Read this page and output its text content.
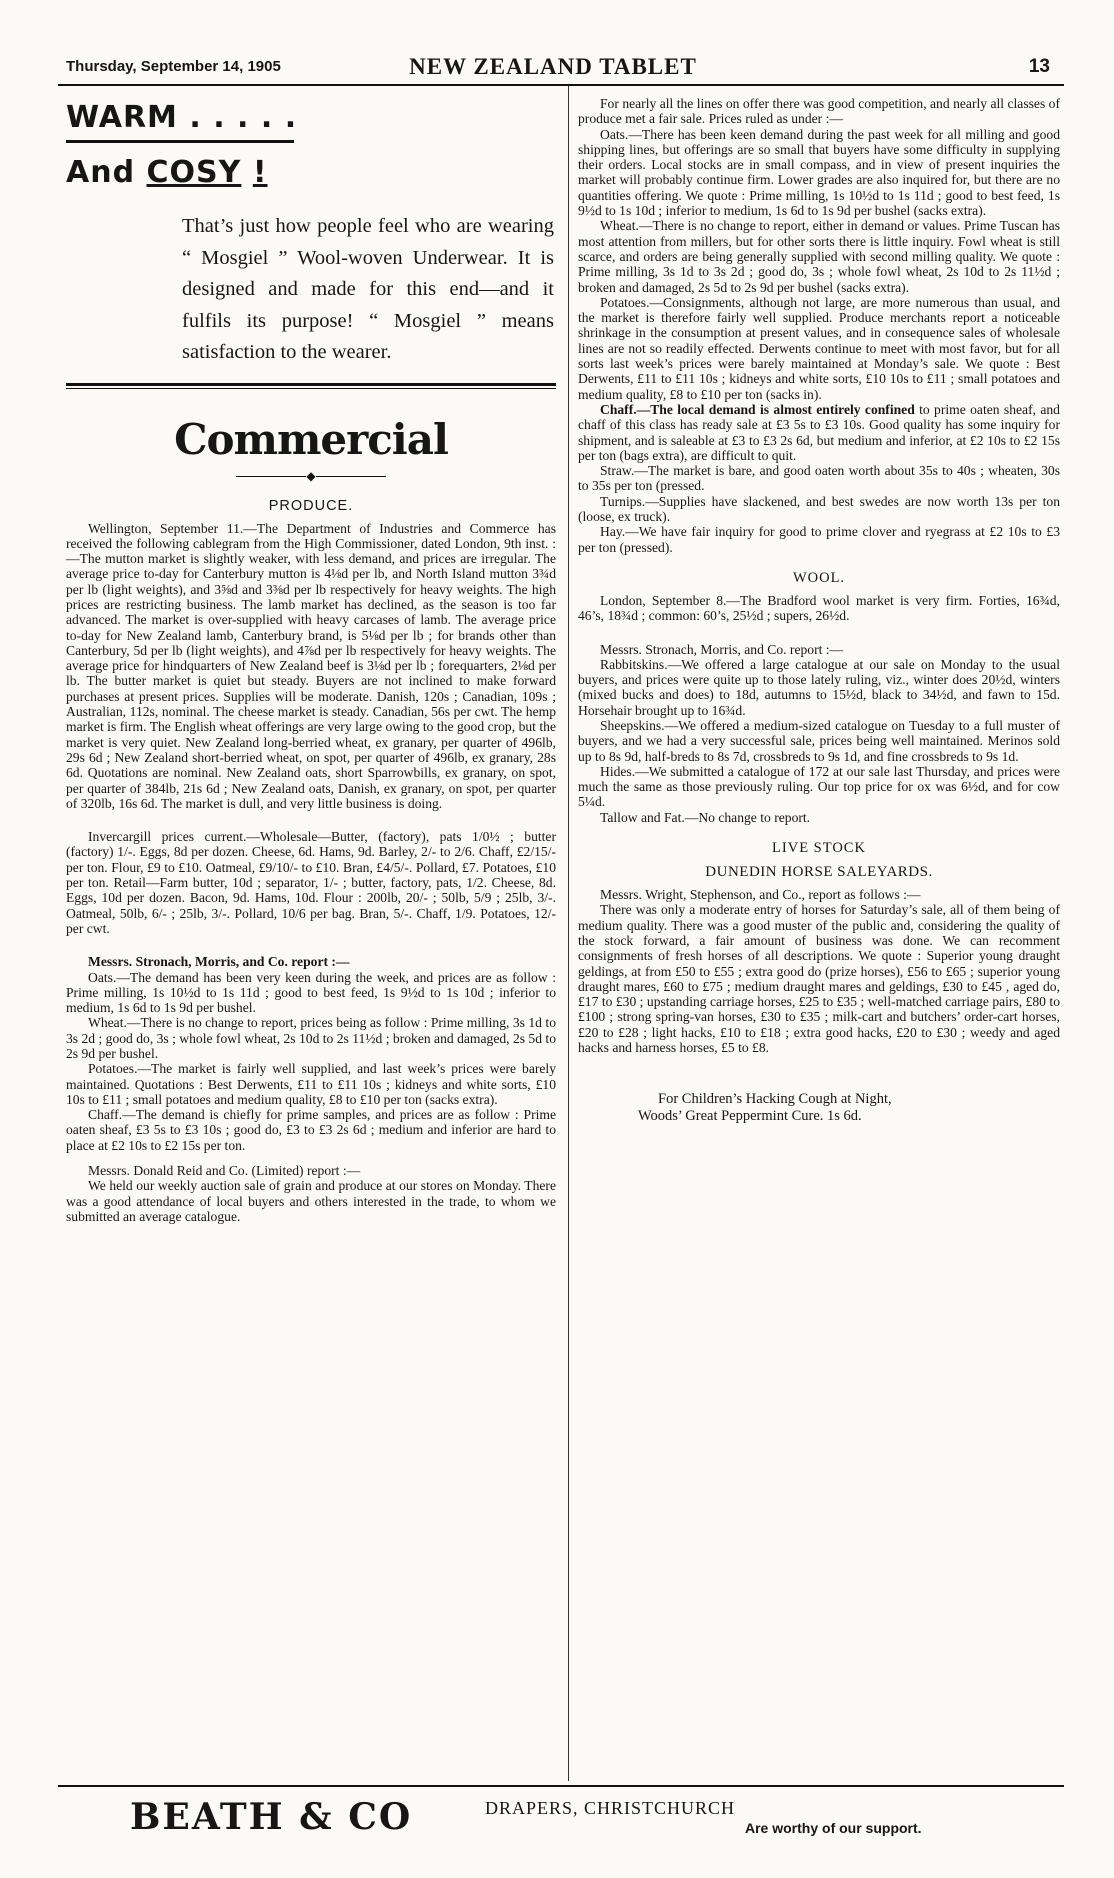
Thursday, September 14, 1905	NEW ZEALAND TABLET	13
WARM . . . . .
And COSY !
That’s just how people feel who are wearing “ Mosgiel ” Wool-woven Underwear. It is designed and made for this end—and it fulfils its purpose! “ Mosgiel ” means satisfaction to the wearer.
Commercial
◆
PRODUCE.

Wellington, September 11.—The Department of Industries and Commerce has received the following cablegram from the High Commissioner, dated London, 9th inst. :—The mutton market is slightly weaker, with less demand, and prices are irregular. The average price to-day for Canterbury mutton is 4⅛d per lb, and North Island mutton 3¾d per lb (light weights), and 3⅝d and 3⅜d per lb respectively for heavy weights. The high prices are restricting business. The lamb market has declined, as the season is too far advanced. The market is over-supplied with heavy carcases of lamb. The average price to-day for New Zealand lamb, Canterbury brand, is 5⅛d per lb ; for brands other than Canterbury, 5d per lb (light weights), and 4⅞d per lb respectively for heavy weights. The average price for hindquarters of New Zealand beef is 3⅛d per lb ; forequarters, 2⅛d per lb. The butter market is quiet but steady. Buyers are not inclined to make forward purchases at present prices. Supplies will be moderate. Danish, 120s ; Canadian, 109s ; Australian, 112s, nominal. The cheese market is steady. Canadian, 56s per cwt. The hemp market is firm. The English wheat offerings are very large owing to the good crop, but the market is very quiet. New Zealand long-berried wheat, ex granary, per quarter of 496lb, 29s 6d ; New Zealand short-berried wheat, on spot, per quarter of 496lb, ex granary, 28s 6d. Quotations are nominal. New Zealand oats, short Sparrowbills, ex granary, on spot, per quarter of 384lb, 21s 6d ; New Zealand oats, Danish, ex granary, on spot, per quarter of 320lb, 16s 6d. The market is dull, and very little business is doing.

Invercargill prices current.—Wholesale—Butter, (factory), pats 1/0½ ; butter (factory) 1/-. Eggs, 8d per dozen. Cheese, 6d. Hams, 9d. Barley, 2/- to 2/6. Chaff, £2/15/- per ton. Flour, £9 to £10. Oatmeal, £9/10/- to £10. Bran, £4/5/-. Pollard, £7. Potatoes, £10 per ton. Retail—Farm butter, 10d ; separator, 1/- ; butter, factory, pats, 1/2. Cheese, 8d. Eggs, 10d per dozen. Bacon, 9d. Hams, 10d. Flour : 200lb, 20/- ; 50lb, 5/9 ; 25lb, 3/-. Oatmeal, 50lb, 6/- ; 25lb, 3/-. Pollard, 10/6 per bag. Bran, 5/-. Chaff, 1/9. Potatoes, 12/- per cwt.

Messrs. Stronach, Morris, and Co. report :—

Oats.—The demand has been very keen during the week, and prices are as follow : Prime milling, 1s 10½d to 1s 11d ; good to best feed, 1s 9½d to 1s 10d ; inferior to medium, 1s 6d to 1s 9d per bushel.

Wheat.—There is no change to report, prices being as follow : Prime milling, 3s 1d to 3s 2d ; good do, 3s ; whole fowl wheat, 2s 10d to 2s 11½d ; broken and damaged, 2s 5d to 2s 9d per bushel.

Potatoes.—The market is fairly well supplied, and last week’s prices were barely maintained. Quotations : Best Derwents, £11 to £11 10s ; kidneys and white sorts, £10 10s to £11 ; small potatoes and medium quality, £8 to £10 per ton (sacks extra).

Chaff.—The demand is chiefly for prime samples, and prices are as follow : Prime oaten sheaf, £3 5s to £3 10s ; good do, £3 to £3 2s 6d ; medium and inferior are hard to place at £2 10s to £2 15s per ton.

Messrs. Donald Reid and Co. (Limited) report :—

We held our weekly auction sale of grain and produce at our stores on Monday. There was a good attendance of local buyers and others interested in the trade, to whom we submitted an average catalogue.

For nearly all the lines on offer there was good competition, and nearly all classes of produce met a fair sale. Prices ruled as under :—

Oats.—There has been keen demand during the past week for all milling and good shipping lines, but offerings are so small that buyers have some difficulty in supplying their orders. Local stocks are in small compass, and in view of present inquiries the market will probably continue firm. Lower grades are also inquired for, but there are no quantities offering. We quote : Prime milling, 1s 10½d to 1s 11d ; good to best feed, 1s 9½d to 1s 10d ; inferior to medium, 1s 6d to 1s 9d per bushel (sacks extra).

Wheat.—There is no change to report, either in demand or values. Prime Tuscan has most attention from millers, but for other sorts there is little inquiry. Fowl wheat is still scarce, and orders are being generally supplied with second milling quality. We quote : Prime milling, 3s 1d to 3s 2d ; good do, 3s ; whole fowl wheat, 2s 10d to 2s 11½d ; broken and damaged, 2s 5d to 2s 9d per bushel (sacks extra).

Potatoes.—Consignments, although not large, are more numerous than usual, and the market is therefore fairly well supplied. Produce merchants report a noticeable shrinkage in the consumption at present values, and in consequence sales of wholesale lines are not so readily effected. Derwents continue to meet with most favor, but for all sorts last week’s prices were barely maintained at Monday’s sale. We quote : Best Derwents, £11 to £11 10s ; kidneys and white sorts, £10 10s to £11 ; small potatoes and medium quality, £8 to £10 per ton (sacks in).

Chaff.—The local demand is almost entirely confined to prime oaten sheaf, and chaff of this class has ready sale at £3 5s to £3 10s. Good quality has some inquiry for shipment, and is saleable at £3 to £3 2s 6d, but medium and inferior, at £2 10s to £2 15s per ton (bags extra), are difficult to quit.

Straw.—The market is bare, and good oaten worth about 35s to 40s ; wheaten, 30s to 35s per ton (pressed.

Turnips.—Supplies have slackened, and best swedes are now worth 13s per ton (loose, ex truck).

Hay.—We have fair inquiry for good to prime clover and ryegrass at £2 10s to £3 per ton (pressed).

WOOL.

London, September 8.—The Bradford wool market is very firm. Forties, 16¾d, 46’s, 18¾d ; common: 60’s, 25½d ; supers, 26½d.

Messrs. Stronach, Morris, and Co. report :—

Rabbitskins.—We offered a large catalogue at our sale on Monday to the usual buyers, and prices were quite up to those lately ruling, viz., winter does 20½d, winters (mixed bucks and does) to 18d, autumns to 15½d, black to 34½d, and fawn to 15d. Horsehair brought up to 16¾d.

Sheepskins.—We offered a medium-sized catalogue on Tuesday to a full muster of buyers, and we had a very successful sale, prices being well maintained. Merinos sold up to 8s 9d, half-breds to 8s 7d, crossbreds to 9s 1d, and fine crossbreds to 9s 1d.

Hides.—We submitted a catalogue of 172 at our sale last Thursday, and prices were much the same as those previously ruling. Our top price for ox was 6½d, and for cow 5¼d.

Tallow and Fat.—No change to report.

LIVE STOCK
DUNEDIN HORSE SALEYARDS.

Messrs. Wright, Stephenson, and Co., report as follows :—

There was only a moderate entry of horses for Saturday’s sale, all of them being of medium quality. There was a good muster of the public and, considering the quality of the stock forward, a fair amount of business was done. We can recomment consignments of fresh horses of all descriptions. We quote : Superior young draught geldings, at from £50 to £55 ; extra good do (prize horses), £56 to £65 ; superior young draught mares, £60 to £75 ; medium draught mares and geldings, £30 to £45 , aged do, £17 to £30 ; upstanding carriage horses, £25 to £35 ; well-matched carriage pairs, £80 to £100 ; strong spring-van horses, £30 to £35 ; milk-cart and butchers’ order-cart horses, £20 to £28 ; light hacks, £10 to £18 ; extra good hacks, £20 to £30 ; weedy and aged hacks and harness horses, £5 to £8.

For Children’s Hacking Cough at Night,
Woods’ Great Peppermint Cure. 1s 6d.
BEATH & CO	DRAPERS, CHRISTCHURCH
Are worthy of our support.
